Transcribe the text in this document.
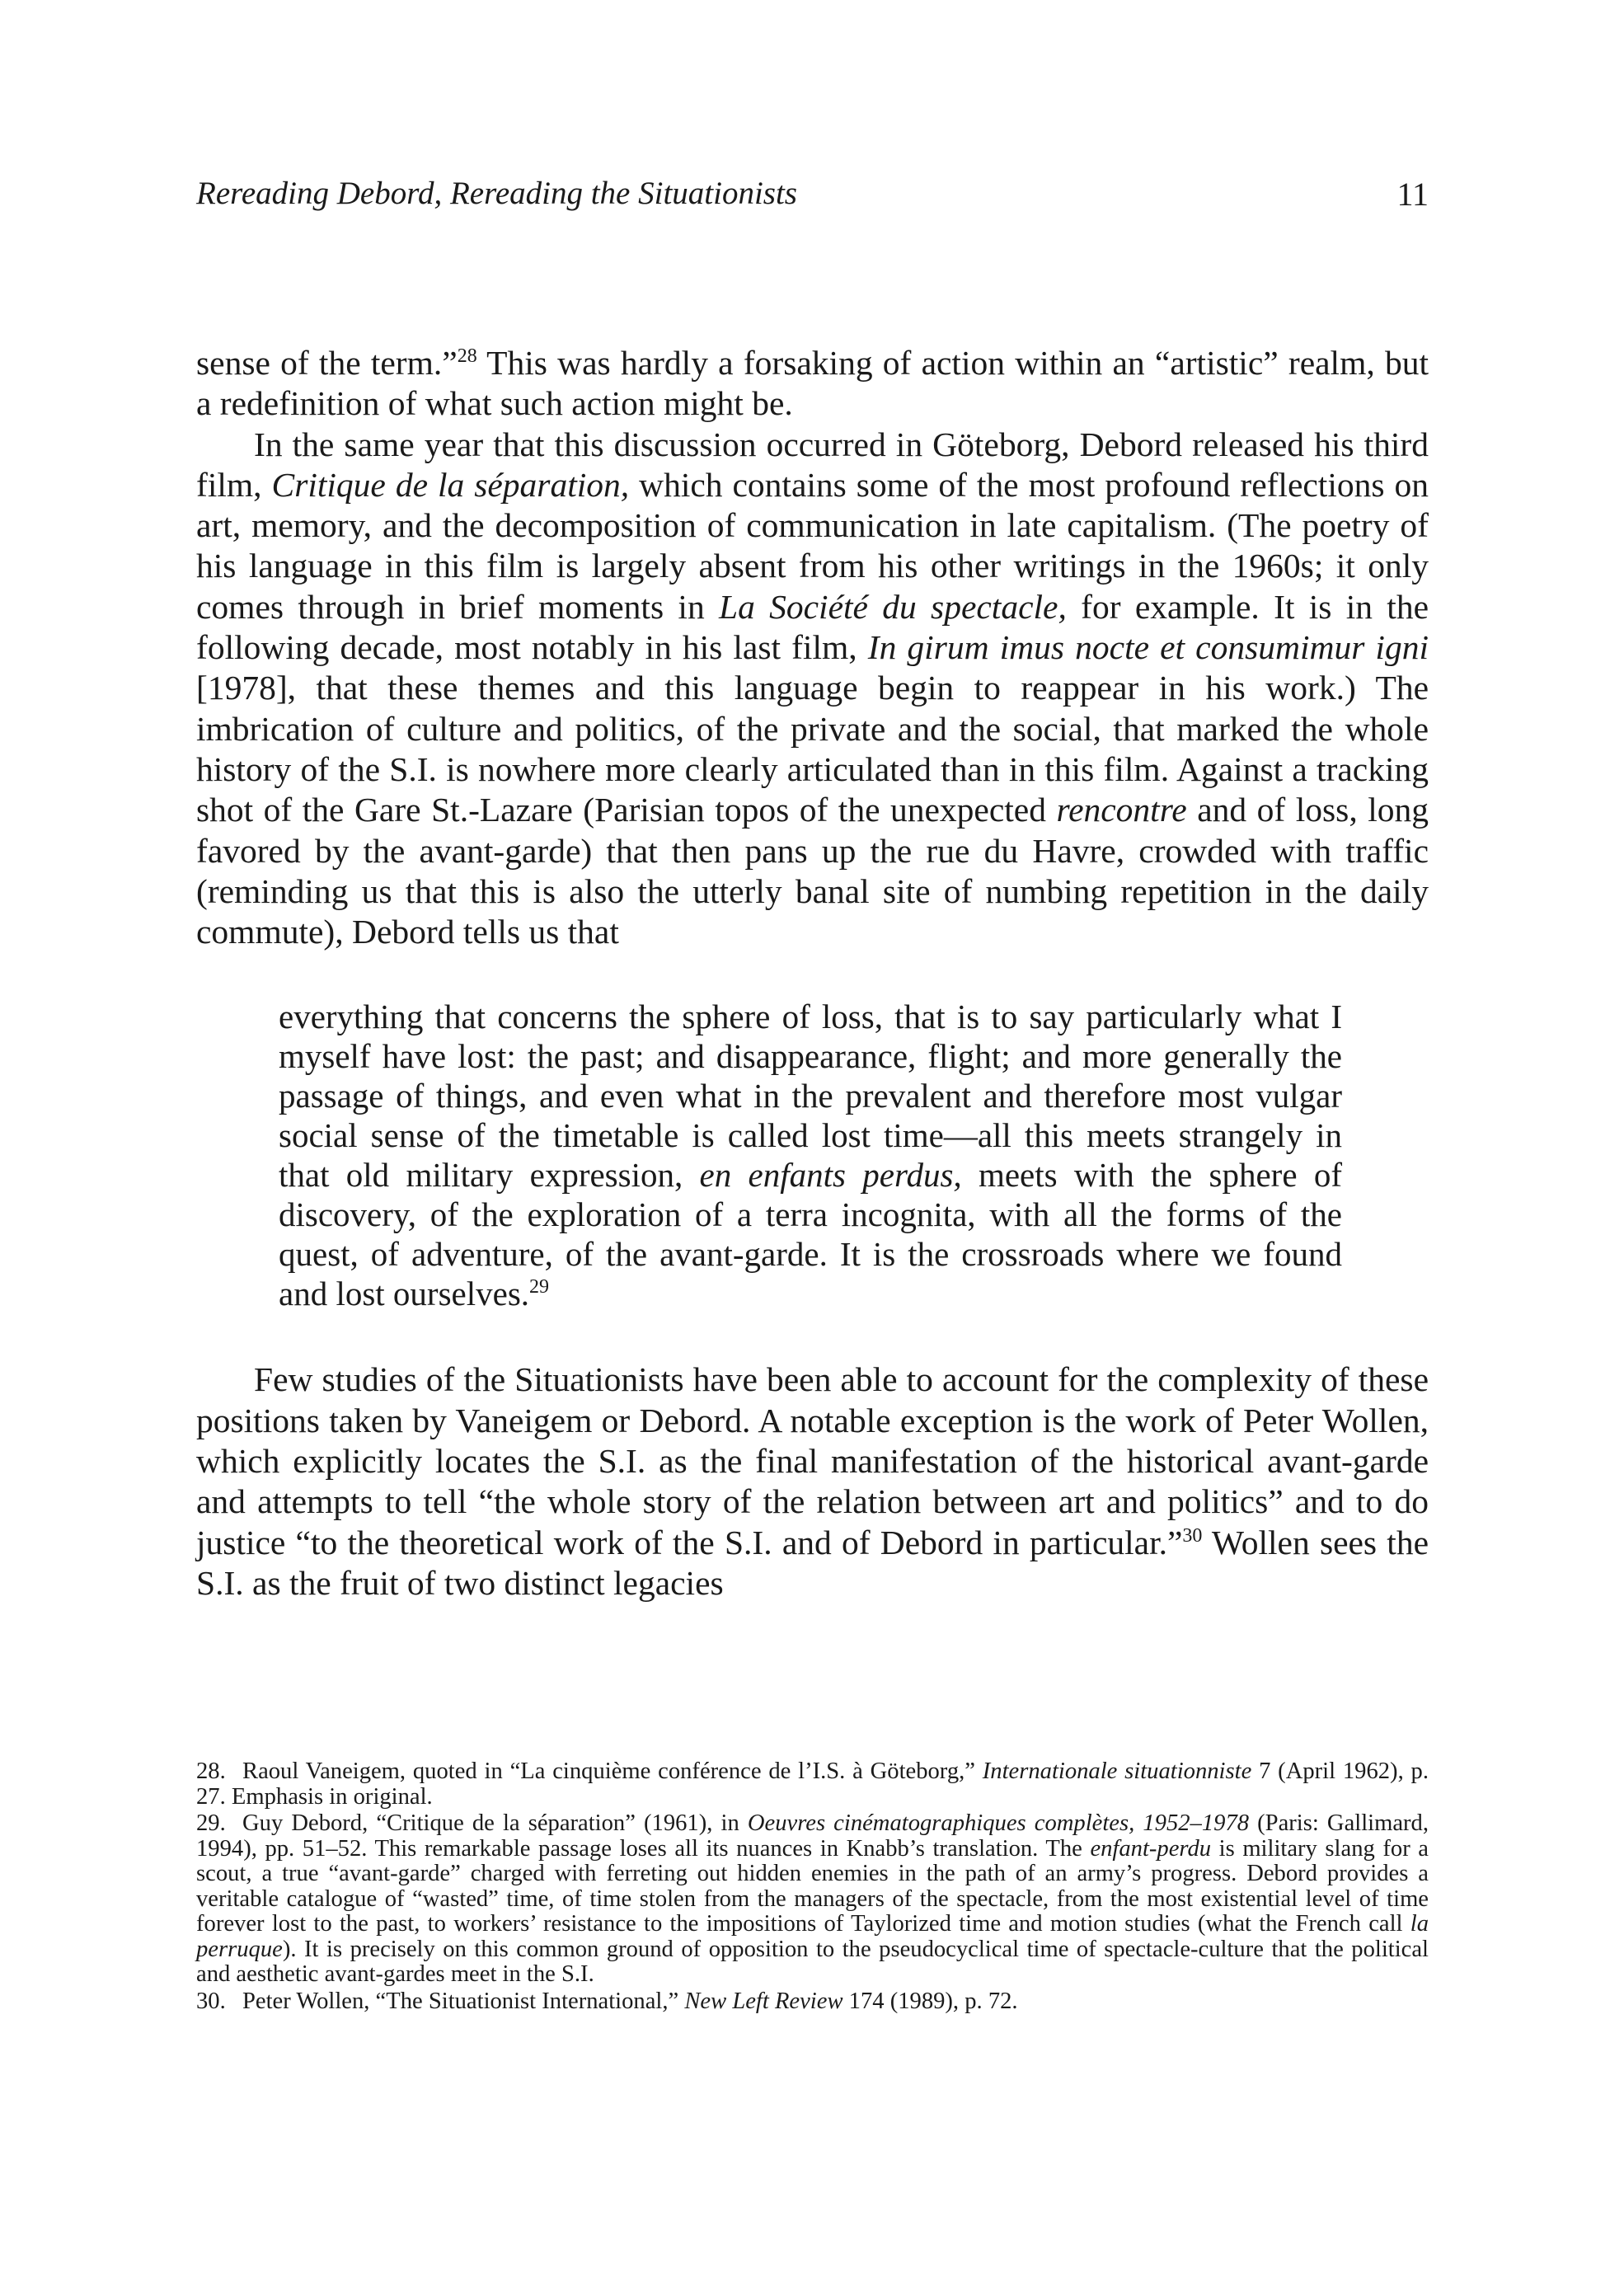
Rereading Debord, Rereading the Situationists	11

sense of the term.”$^{28}$ This was hardly a forsaking of action within an “artistic” realm, but a redefinition of what such action might be.

In the same year that this discussion occurred in Göteborg, Debord released his third film, Critique de la séparation, which contains some of the most profound reflections on art, memory, and the decomposition of communication in late capitalism. (The poetry of his language in this film is largely absent from his other writings in the 1960s; it only comes through in brief moments in La Société du spectacle, for example. It is in the following decade, most notably in his last film, In girum imus nocte et consumimur igni [1978], that these themes and this language begin to reappear in his work.) The imbrication of culture and politics, of the private and the social, that marked the whole history of the S.I. is nowhere more clearly articulated than in this film. Against a tracking shot of the Gare St.-Lazare (Parisian topos of the unexpected rencontre and of loss, long favored by the avant-garde) that then pans up the rue du Havre, crowded with traffic (reminding us that this is also the utterly banal site of numbing repetition in the daily commute), Debord tells us that

everything that concerns the sphere of loss, that is to say particularly what I myself have lost: the past; and disappearance, flight; and more generally the passage of things, and even what in the prevalent and therefore most vulgar social sense of the timetable is called lost time—all this meets strangely in that old military expression, en enfants perdus, meets with the sphere of discovery, of the exploration of a terra incognita, with all the forms of the quest, of adventure, of the avant-garde. It is the crossroads where we found and lost ourselves.$^{29}$

Few studies of the Situationists have been able to account for the complexity of these positions taken by Vaneigem or Debord. A notable exception is the work of Peter Wollen, which explicitly locates the S.I. as the final manifestation of the historical avant-garde and attempts to tell “the whole story of the relation between art and politics” and to do justice “to the theoretical work of the S.I. and of Debord in particular.”$^{30}$ Wollen sees the S.I. as the fruit of two distinct legacies

28. Raoul Vaneigem, quoted in “La cinquième conférence de l’I.S. à Göteborg,” Internationale situationniste 7 (April 1962), p. 27. Emphasis in original.

29. Guy Debord, “Critique de la séparation” (1961), in Oeuvres cinématographiques complètes, 1952–1978 (Paris: Gallimard, 1994), pp. 51–52. This remarkable passage loses all its nuances in Knabb’s translation. The enfant-perdu is military slang for a scout, a true “avant-garde” charged with ferreting out hidden enemies in the path of an army’s progress. Debord provides a veritable catalogue of “wasted” time, of time stolen from the managers of the spectacle, from the most existential level of time forever lost to the past, to workers’ resistance to the impositions of Taylorized time and motion studies (what the French call la perruque). It is precisely on this common ground of opposition to the pseudocyclical time of spectacle-culture that the political and aesthetic avant-gardes meet in the S.I.

30. Peter Wollen, “The Situationist International,” New Left Review 174 (1989), p. 72.
